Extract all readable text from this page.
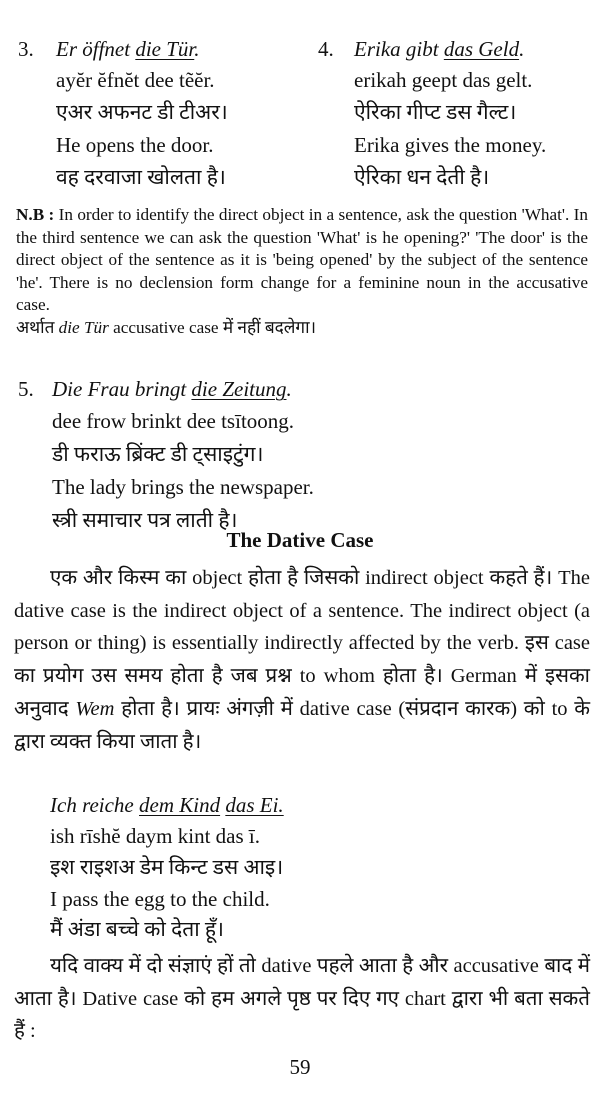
3. Er öffnet die Tür.
ayĕr ĕfnĕt dee tẽĕr.
एअर अफनट डी टीअर।
He opens the door.
वह दरवाजा खोलता है।
4. Erika gibt das Geld.
erikah geept das gelt.
ऐरिका गीप्ट डस गैल्ट।
Erika gives the money.
ऐरिका धन देती है।
N.B : In order to identify the direct object in a sentence, ask the question 'What'. In the third sentence we can ask the question 'What' is he opening?' 'The door' is the direct object of the sentence as it is 'being opened' by the subject of the sentence 'he'. There is no declension form change for a feminine noun in the accusative case.
अर्थात die Tür accusative case में नहीं बदलेगा।
5. Die Frau bringt die Zeitung.
dee frow brinkt dee tsītoong.
डी फराऊ ब्रिंक्ट डी ट्साइटुंग।
The lady brings the newspaper.
स्त्री समाचार पत्र लाती है।
The Dative Case
एक और किस्म का object होता है जिसको indirect object कहते हैं। The dative case is the indirect object of a sentence. The indirect object (a person or thing) is essentially indirectly affected by the verb. इस case का प्रयोग उस समय होता है जब प्रश्न to whom होता है। German में इसका अनुवाद Wem होता है। प्रायः अंगज़ी में dative case (संप्रदान कारक) को to के द्वारा व्यक्त किया जाता है।
Ich reiche dem Kind das Ei.
ish rīshĕ daym kint das ī.
इश राइशअ डेम किन्ट डस आइ।
I pass the egg to the child.
मैं अंडा बच्चे को देता हूँ।
यदि वाक्य में दो संज्ञाएं हों तो dative पहले आता है और accusative बाद में आता है। Dative case को हम अगले पृष्ठ पर दिए गए chart द्वारा भी बता सकते हैं :
59
